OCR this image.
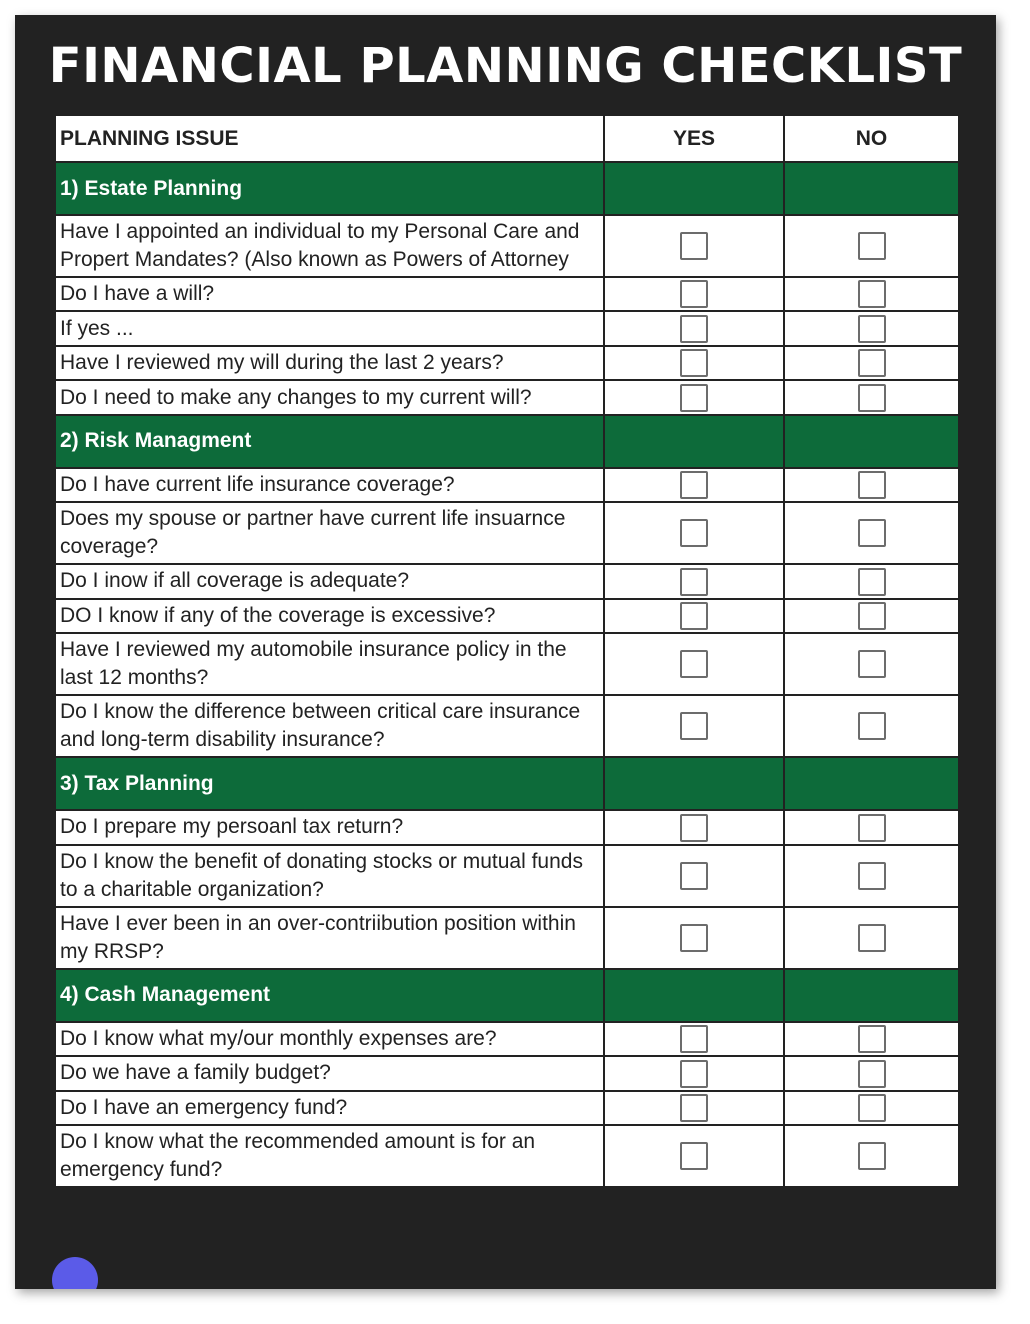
FINANCIAL PLANNING CHECKLIST
PLANNING ISSUE	YES	NO
1) Estate Planning		
Have I appointed an individual to my Personal Care and Propert Mandates? (Also known as Powers of Attorney		
Do I have a will?		
If yes ...		
Have I reviewed my will during the last 2 years?		
Do I need to make any changes to my current will?		
2) Risk Managment		
Do I have current life insurance coverage?		
Does my spouse or partner have current life insuarnce coverage?		
Do I inow if all coverage is adequate?		
DO I know if any of the coverage is excessive?		
Have I reviewed my automobile insurance policy in the last 12 months?		
Do I know the difference between critical care insurance and long-term disability insurance?		
3) Tax Planning		
Do I prepare my persoanl tax return?		
Do I know the benefit of donating stocks or mutual funds to a charitable organization?		
Have I ever been in an over-contriibution position within my RRSP?		
4) Cash Management		
Do I know what my/our monthly expenses are?		
Do we have a family budget?		
Do I have an emergency fund?		
Do I know what the recommended amount is for an emergency fund?		
